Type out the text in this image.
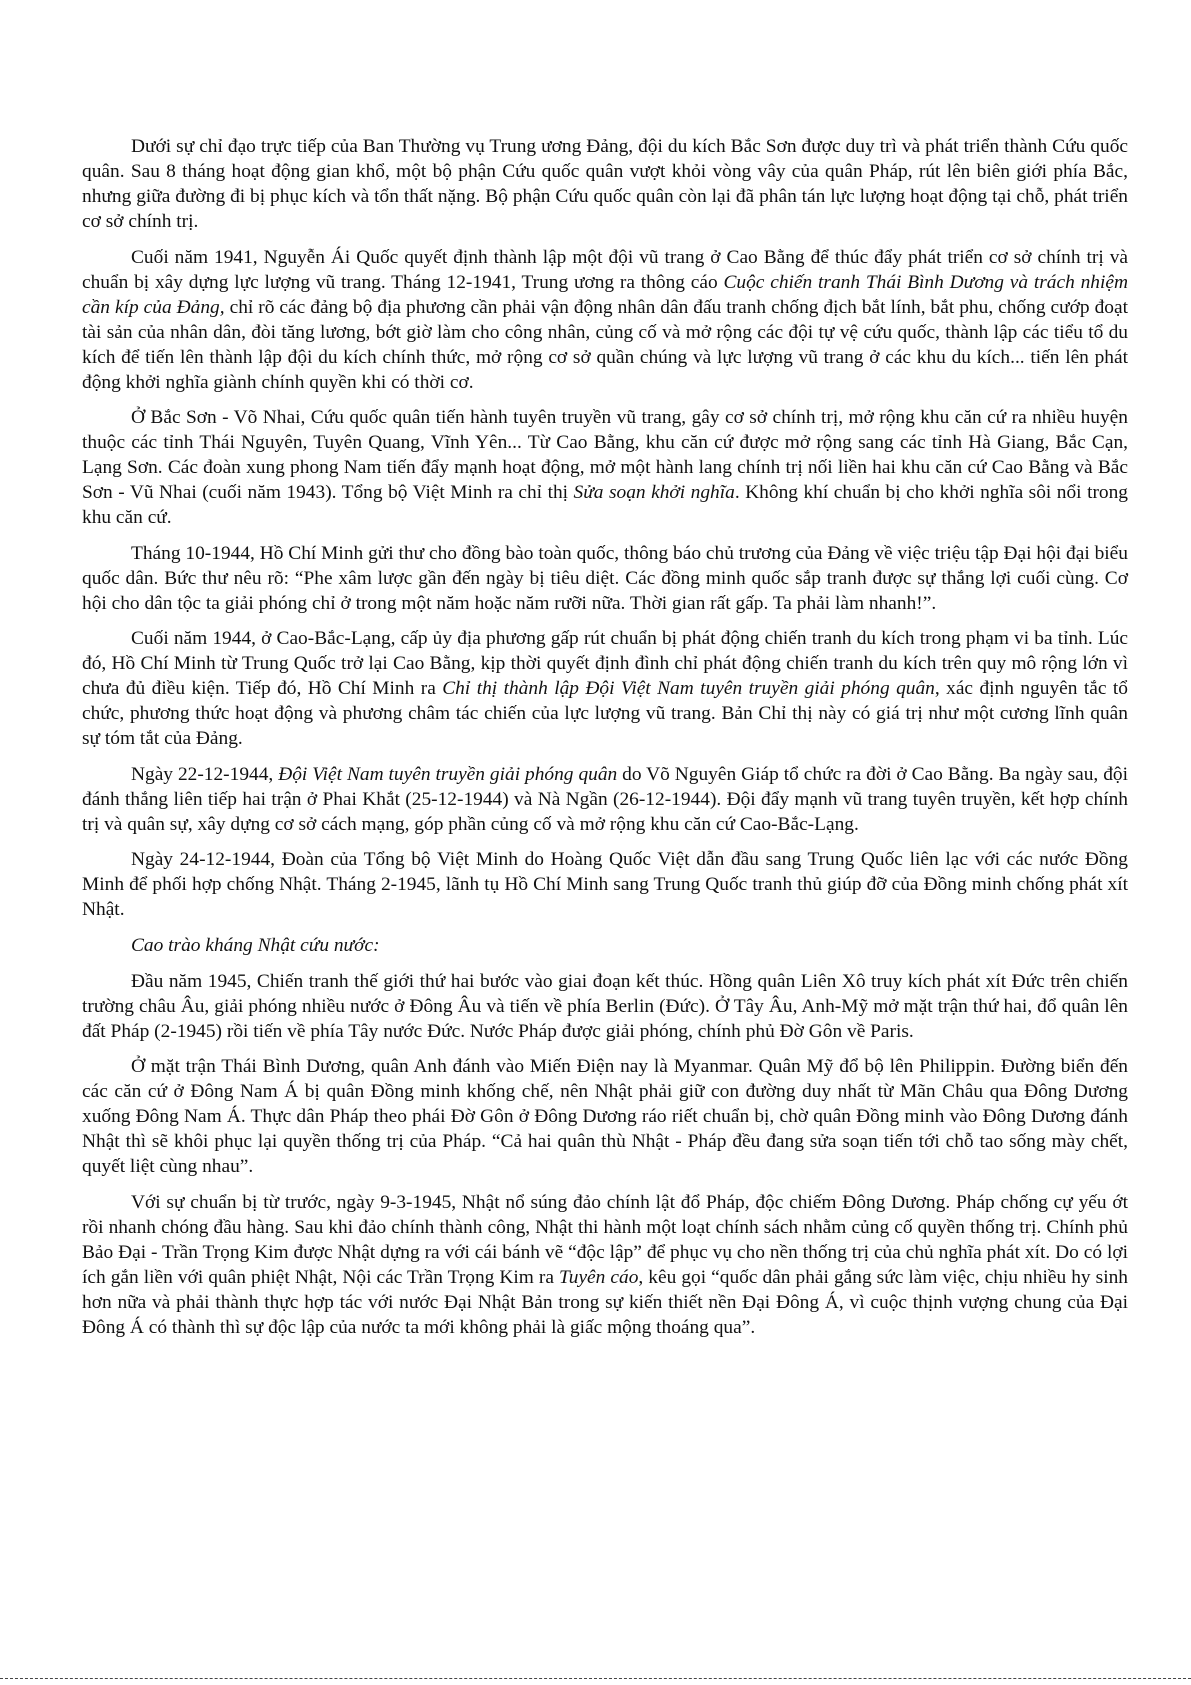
Dưới sự chỉ đạo trực tiếp của Ban Thường vụ Trung ương Đảng, đội du kích Bắc Sơn được duy trì và phát triển thành Cứu quốc quân. Sau 8 tháng hoạt động gian khổ, một bộ phận Cứu quốc quân vượt khỏi vòng vây của quân Pháp, rút lên biên giới phía Bắc, nhưng giữa đường đi bị phục kích và tổn thất nặng. Bộ phận Cứu quốc quân còn lại đã phân tán lực lượng hoạt động tại chỗ, phát triển cơ sở chính trị.

Cuối năm 1941, Nguyễn Ái Quốc quyết định thành lập một đội vũ trang ở Cao Bằng để thúc đẩy phát triển cơ sở chính trị và chuẩn bị xây dựng lực lượng vũ trang. Tháng 12-1941, Trung ương ra thông cáo Cuộc chiến tranh Thái Bình Dương và trách nhiệm cần kíp của Đảng, chỉ rõ các đảng bộ địa phương cần phải vận động nhân dân đấu tranh chống địch bắt lính, bắt phu, chống cướp đoạt tài sản của nhân dân, đòi tăng lương, bớt giờ làm cho công nhân, củng cố và mở rộng các đội tự vệ cứu quốc, thành lập các tiểu tổ du kích để tiến lên thành lập đội du kích chính thức, mở rộng cơ sở quần chúng và lực lượng vũ trang ở các khu du kích... tiến lên phát động khởi nghĩa giành chính quyền khi có thời cơ.

Ở Bắc Sơn - Võ Nhai, Cứu quốc quân tiến hành tuyên truyền vũ trang, gây cơ sở chính trị, mở rộng khu căn cứ ra nhiều huyện thuộc các tỉnh Thái Nguyên, Tuyên Quang, Vĩnh Yên... Từ Cao Bằng, khu căn cứ được mở rộng sang các tỉnh Hà Giang, Bắc Cạn, Lạng Sơn. Các đoàn xung phong Nam tiến đẩy mạnh hoạt động, mở một hành lang chính trị nối liền hai khu căn cứ Cao Bằng và Bắc Sơn - Vũ Nhai (cuối năm 1943). Tổng bộ Việt Minh ra chỉ thị Sửa soạn khởi nghĩa. Không khí chuẩn bị cho khởi nghĩa sôi nổi trong khu căn cứ.

Tháng 10-1944, Hồ Chí Minh gửi thư cho đồng bào toàn quốc, thông báo chủ trương của Đảng về việc triệu tập Đại hội đại biểu quốc dân. Bức thư nêu rõ: “Phe xâm lược gần đến ngày bị tiêu diệt. Các đồng minh quốc sắp tranh được sự thắng lợi cuối cùng. Cơ hội cho dân tộc ta giải phóng chỉ ở trong một năm hoặc năm rưỡi nữa. Thời gian rất gấp. Ta phải làm nhanh!”.

Cuối năm 1944, ở Cao-Bắc-Lạng, cấp ủy địa phương gấp rút chuẩn bị phát động chiến tranh du kích trong phạm vi ba tỉnh. Lúc đó, Hồ Chí Minh từ Trung Quốc trở lại Cao Bằng, kịp thời quyết định đình chỉ phát động chiến tranh du kích trên quy mô rộng lớn vì chưa đủ điều kiện. Tiếp đó, Hồ Chí Minh ra Chỉ thị thành lập Đội Việt Nam tuyên truyền giải phóng quân, xác định nguyên tắc tổ chức, phương thức hoạt động và phương châm tác chiến của lực lượng vũ trang. Bản Chỉ thị này có giá trị như một cương lĩnh quân sự tóm tắt của Đảng.

Ngày 22-12-1944, Đội Việt Nam tuyên truyền giải phóng quân do Võ Nguyên Giáp tổ chức ra đời ở Cao Bằng. Ba ngày sau, đội đánh thắng liên tiếp hai trận ở Phai Khắt (25-12-1944) và Nà Ngần (26-12-1944). Đội đẩy mạnh vũ trang tuyên truyền, kết hợp chính trị và quân sự, xây dựng cơ sở cách mạng, góp phần củng cố và mở rộng khu căn cứ Cao-Bắc-Lạng.

Ngày 24-12-1944, Đoàn của Tổng bộ Việt Minh do Hoàng Quốc Việt dẫn đầu sang Trung Quốc liên lạc với các nước Đồng Minh để phối hợp chống Nhật. Tháng 2-1945, lãnh tụ Hồ Chí Minh sang Trung Quốc tranh thủ giúp đỡ của Đồng minh chống phát xít Nhật.

Cao trào kháng Nhật cứu nước:

Đầu năm 1945, Chiến tranh thế giới thứ hai bước vào giai đoạn kết thúc. Hồng quân Liên Xô truy kích phát xít Đức trên chiến trường châu Âu, giải phóng nhiều nước ở Đông Âu và tiến về phía Berlin (Đức). Ở Tây Âu, Anh-Mỹ mở mặt trận thứ hai, đổ quân lên đất Pháp (2-1945) rồi tiến về phía Tây nước Đức. Nước Pháp được giải phóng, chính phủ Đờ Gôn về Paris.

Ở mặt trận Thái Bình Dương, quân Anh đánh vào Miến Điện nay là Myanmar. Quân Mỹ đổ bộ lên Philippin. Đường biển đến các căn cứ ở Đông Nam Á bị quân Đồng minh khống chế, nên Nhật phải giữ con đường duy nhất từ Mãn Châu qua Đông Dương xuống Đông Nam Á. Thực dân Pháp theo phái Đờ Gôn ở Đông Dương ráo riết chuẩn bị, chờ quân Đồng minh vào Đông Dương đánh Nhật thì sẽ khôi phục lại quyền thống trị của Pháp. “Cả hai quân thù Nhật - Pháp đều đang sửa soạn tiến tới chỗ tao sống mày chết, quyết liệt cùng nhau”.

Với sự chuẩn bị từ trước, ngày 9-3-1945, Nhật nổ súng đảo chính lật đổ Pháp, độc chiếm Đông Dương. Pháp chống cự yếu ớt rồi nhanh chóng đầu hàng. Sau khi đảo chính thành công, Nhật thi hành một loạt chính sách nhằm củng cố quyền thống trị. Chính phủ Bảo Đại - Trần Trọng Kim được Nhật dựng ra với cái bánh vẽ “độc lập” để phục vụ cho nền thống trị của chủ nghĩa phát xít. Do có lợi ích gắn liền với quân phiệt Nhật, Nội các Trần Trọng Kim ra Tuyên cáo, kêu gọi “quốc dân phải gắng sức làm việc, chịu nhiều hy sinh hơn nữa và phải thành thực hợp tác với nước Đại Nhật Bản trong sự kiến thiết nền Đại Đông Á, vì cuộc thịnh vượng chung của Đại Đông Á có thành thì sự độc lập của nước ta mới không phải là giấc mộng thoáng qua”.
